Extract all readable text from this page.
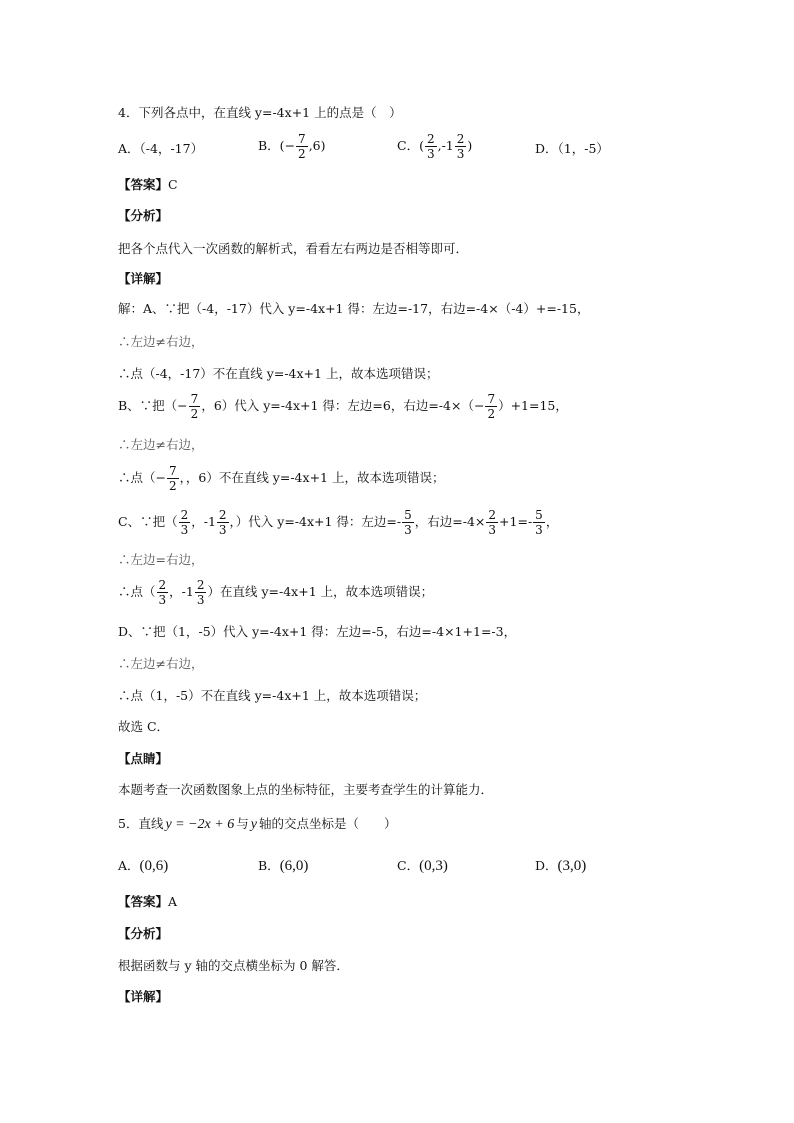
4．下列各点中，在直线 y=-4x+1 上的点是（　）
A．（-4，-17）	B．(− $\frac{7}{2} ,6$)	C．( $\frac{2}{3} ,-1 \frac{2}{3}$ )	D．（1，-5）
【答案】C
【分析】
把各个点代入一次函数的解析式，看看左右两边是否相等即可．
【详解】
解：A、∵把（-4，-17）代入 y=-4x+1 得：左边=-17，右边=-4×（-4）+=-15，
∴左边≠右边，
∴点（-4，-17）不在直线 y=-4x+1 上，故本选项错误；
B、∵把（− $\frac{7}{2}$ ，6）代入 y=-4x+1 得：左边=6，右边$=-4\times(- \frac{7}{2} )+1=15$，
∴左边≠右边，
∴点（− $\frac{7}{2}$ ，，6）不在直线 y=-4x+1 上，故本选项错误；
C、∵把（ $\frac{2}{3}$ ，$-1 \frac{2}{3}$ ，）代入 y=-4x+1 得：左边=- $\frac{5}{3}$ ，右边$=-4\times \frac{2}{3} +1=- \frac{5}{3}$ ，
∴左边=右边，
∴点（ $\frac{2}{3}$ ，$-1 \frac{2}{3}$ ）在直线 y=-4x+1 上，故本选项错误；
D、∵把（1，-5）代入 y=-4x+1 得：左边=-5，右边=-4×1+1=-3，
∴左边≠右边，
∴点（1，-5）不在直线 y=-4x+1 上，故本选项错误；
故选 C．
【点睛】
本题考查一次函数图象上点的坐标特征，主要考查学生的计算能力．
5．直线 y = −2x + 6 与 y 轴的交点坐标是（　　）
A．(0,6)	B．(6,0)	C．(0,3)	D．(3,0)
【答案】A
【分析】
根据函数与 y 轴的交点横坐标为 0 解答．
【详解】
